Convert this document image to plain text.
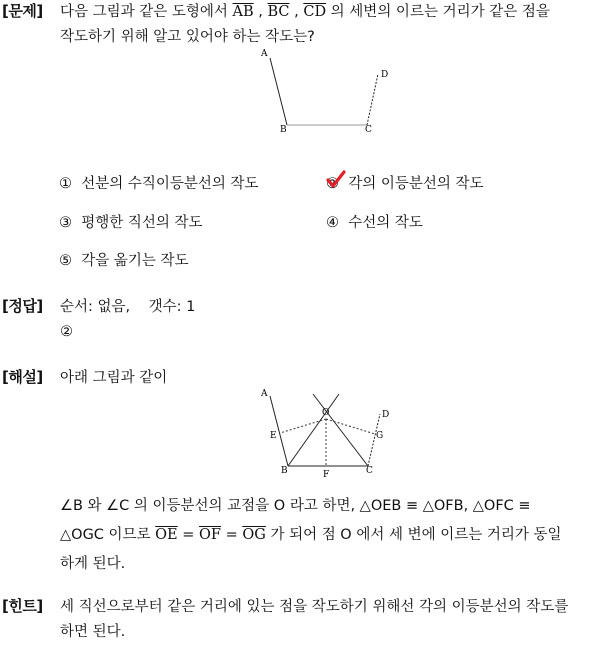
[문제] 다음 그림과 같은 도형에서 $\overline{AB}$ , $\overline{BC}$ , $\overline{CD}$ 의 세변의 이르는 거리가 같은 점을
작도하기 위해 알고 있어야 하는 작도는?
A
B	C
D
① 선분의 수직이등분선의 작도	② 각의 이등분선의 작도
③ 평행한 직선의 작도	④ 수선의 작도
⑤ 각을 옮기는 작도
[정답] 순서: 없음,    갯수: 1
②
[해설] 아래 그림과 같이
A
O	D
E	G
B	F	C
∠B 와 ∠C 의 이등분선의 교점을 O 라고 하면, △OEB ≡ △OFB, △OFC ≡
△OGC 이므로 $\overline{OE} = \overline{OF} = \overline{OG}$ 가 되어 점 O 에서 세 변에 이르는 거리가 동일
하게 된다.
[힌트] 세 직선으로부터 같은 거리에 있는 점을 작도하기 위해선 각의 이등분선의 작도를
하면 된다.
